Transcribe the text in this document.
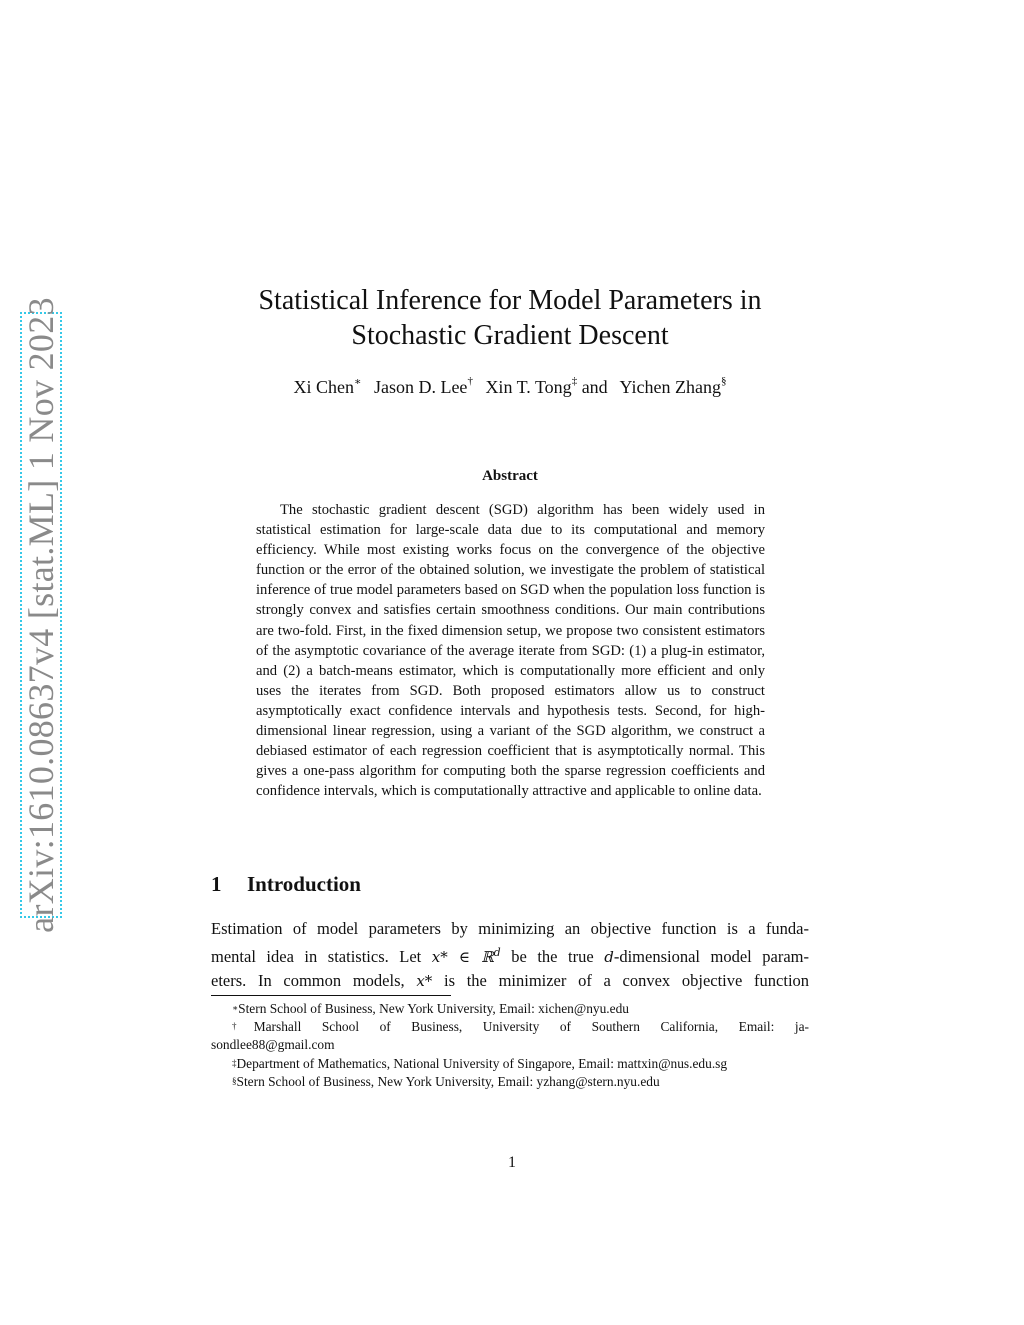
arXiv:1610.08637v4 [stat.ML] 1 Nov 2023	Statistical Inference for Model Parameters in
Stochastic Gradient Descent
Xi Chen∗ Jason D. Lee† Xin T. Tong‡ and Yichen Zhang§
Abstract

The stochastic gradient descent (SGD) algorithm has been widely used in statistical estimation for large-scale data due to its computational and memory efficiency. While most existing works focus on the convergence of the objective function or the error of the obtained solution, we investigate the problem of statistical inference of true model parameters based on SGD when the population loss function is strongly convex and satisfies certain smoothness conditions. Our main contributions are two-fold. First, in the fixed dimension setup, we propose two consistent estimators of the asymptotic covariance of the average iterate from SGD: (1) a plug-in estimator, and (2) a batch-means estimator, which is computationally more efficient and only uses the iterates from SGD. Both proposed estimators allow us to construct asymptotically exact confidence intervals and hypothesis tests. Second, for high-dimensional linear regression, using a variant of the SGD algorithm, we construct a debiased estimator of each regression coefficient that is asymptotically normal. This gives a one-pass algorithm for computing both the sparse regression coefficients and confidence intervals, which is computationally attractive and applicable to online data.

1 Introduction
Estimation of model parameters by minimizing an objective function is a funda-
mental idea in statistics. Let x* ∈ ℝ$^d$ be the true d-dimensional model param-
eters. In common models, x* is the minimizer of a convex objective function
∗Stern School of Business, New York University, Email: xichen@nyu.edu
†Marshall School of Business, University of Southern California, Email: ja-
sondlee88@gmail.com
‡Department of Mathematics, National University of Singapore, Email: mattxin@nus.edu.sg
§Stern School of Business, New York University, Email: yzhang@stern.nyu.edu
1
